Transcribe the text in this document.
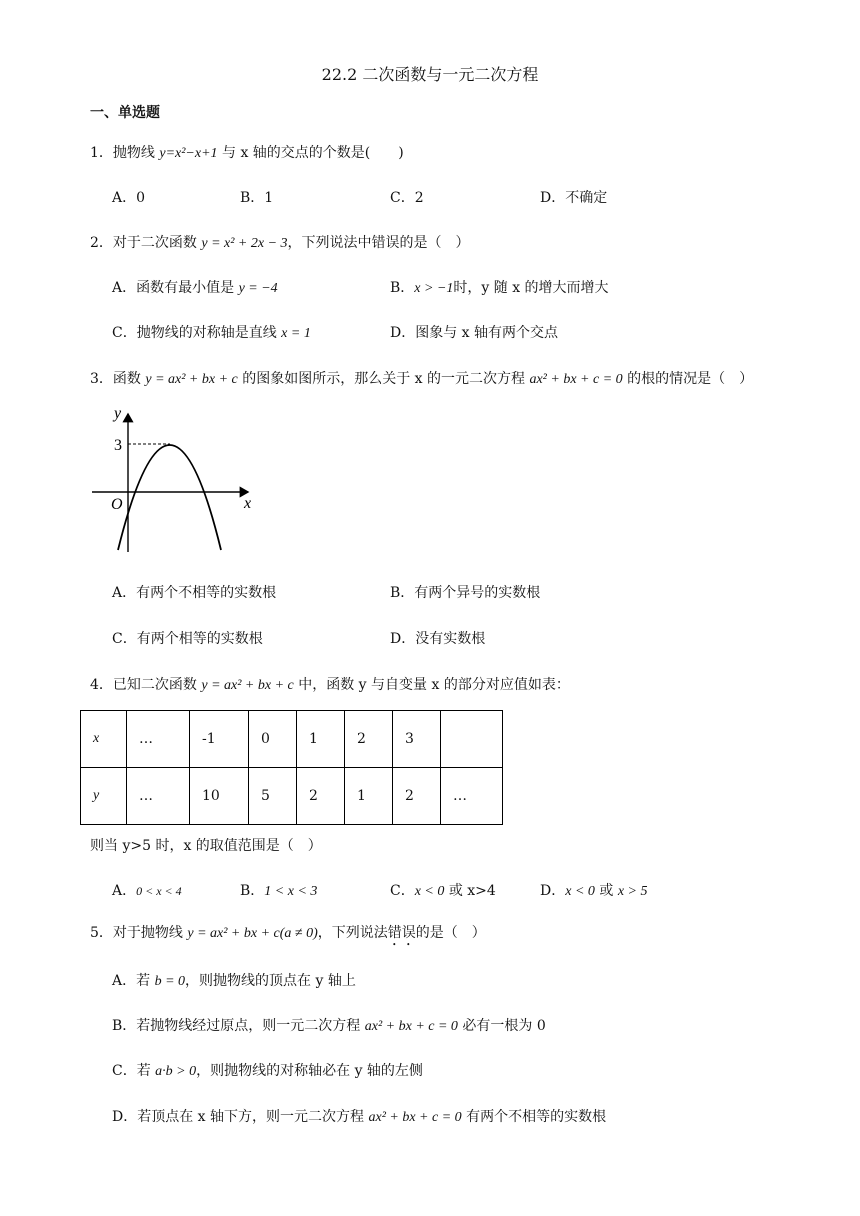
22.2 二次函数与一元二次方程
一、单选题
1．抛物线 y=x²−x+1 与 x 轴的交点的个数是(　　)
A．0	B．1	C．2	D．不确定
2．对于二次函数 y = x² + 2x − 3，下列说法中错误的是（　）
A．函数有最小值是 y = −4	B．x > −1时，y 随 x 的增大而增大
C．抛物线的对称轴是直线 x = 1	D．图象与 x 轴有两个交点
3．函数 y = ax² + bx + c 的图象如图所示，那么关于 x 的一元二次方程 ax² + bx + c = 0 的根的情况是（　）
y
x
O
3
A．有两个不相等的实数根	B．有两个异号的实数根
C．有两个相等的实数根	D．没有实数根
4．已知二次函数 y = ax² + bx + c 中，函数 y 与自变量 x 的部分对应值如表：
x	…	-1	0	1	2	3	
y	…	10	5	2	1	2	…
则当 y>5 时，x 的取值范围是（　）
A．0 < x < 4	B．1 < x < 3	C．x < 0 或 x>4	D．x < 0 或 x > 5
5．对于抛物线 y = ax² + bx + c(a ≠ 0)，下列说法错误的是（　）
A．若 b = 0，则抛物线的顶点在 y 轴上
B．若抛物线经过原点，则一元二次方程 ax² + bx + c = 0 必有一根为 0
C．若 a·b > 0，则抛物线的对称轴必在 y 轴的左侧
D．若顶点在 x 轴下方，则一元二次方程 ax² + bx + c = 0 有两个不相等的实数根
